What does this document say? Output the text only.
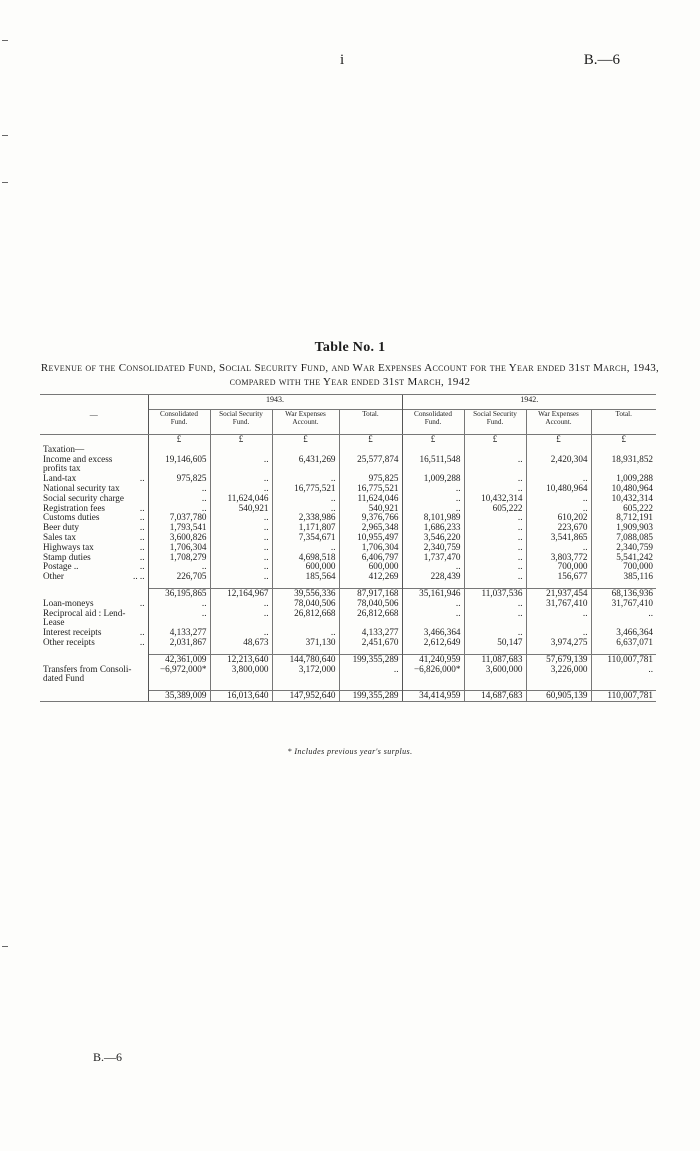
i	B.—6
Table No. 1
Revenue of the Consolidated Fund, Social Security Fund, and War Expenses Account for the Year ended 31st March, 1943, compared with the Year ended 31st March, 1942
—	1943.				1942.			
	Consolidated Fund.	Social Security Fund.	War Expenses Account.	Total.	Consolidated Fund.	Social Security Fund.	War Expenses Account.	Total.
	£	£	£	£	£	£	£	£
Taxation—								
Income and excess	19,146,605	..	6,431,269	25,577,874	16,511,548	..	2,420,304	18,931,852
profits tax								
Land-tax ..	975,825	..	..	975,825	1,009,288	..	..	1,009,288
National security tax	..	..	16,775,521	16,775,521	..	..	10,480,964	10,480,964
Social security charge	..	11,624,046	..	11,624,046	..	10,432,314	..	10,432,314
Registration fees ..	..	540,921	..	540,921	..	605,222	..	605,222
Customs duties ..	7,037,780	..	2,338,986	9,376,766	8,101,989	..	610,202	8,712,191
Beer duty ..	1,793,541	..	1,171,807	2,965,348	1,686,233	..	223,670	1,909,903
Sales tax ..	3,600,826	..	7,354,671	10,955,497	3,546,220	..	3,541,865	7,088,085
Highways tax ..	1,706,304	..	..	1,706,304	2,340,759	..	..	2,340,759
Stamp duties ..	1,708,279	..	4,698,518	6,406,797	1,737,470	..	3,803,772	5,541,242
Postage .. ..	..	..	600,000	600,000	..	..	700,000	700,000
Other .. ..	226,705	..	185,564	412,269	228,439	..	156,677	385,116

	36,195,865	12,164,967	39,556,336	87,917,168	35,161,946	11,037,536	21,937,454	68,136,936
Loan-moneys ..	..	..	78,040,506	78,040,506	..	..	31,767,410	31,767,410
Reciprocal aid : Lend-	..	..	26,812,668	26,812,668	..	..	..	..
Lease								
Interest receipts ..	4,133,277	..	..	4,133,277	3,466,364	..	..	3,466,364
Other receipts ..	2,031,867	48,673	371,130	2,451,670	2,612,649	50,147	3,974,275	6,637,071

	42,361,009	12,213,640	144,780,640	199,355,289	41,240,959	11,087,683	57,679,139	110,007,781
Transfers from Consoli-	−6,972,000*	3,800,000	3,172,000	..	−6,826,000*	3,600,000	3,226,000	..
dated Fund								

	35,389,009	16,013,640	147,952,640	199,355,289	34,414,959	14,687,683	60,905,139	110,007,781
* Includes previous year's surplus.
B.—6
